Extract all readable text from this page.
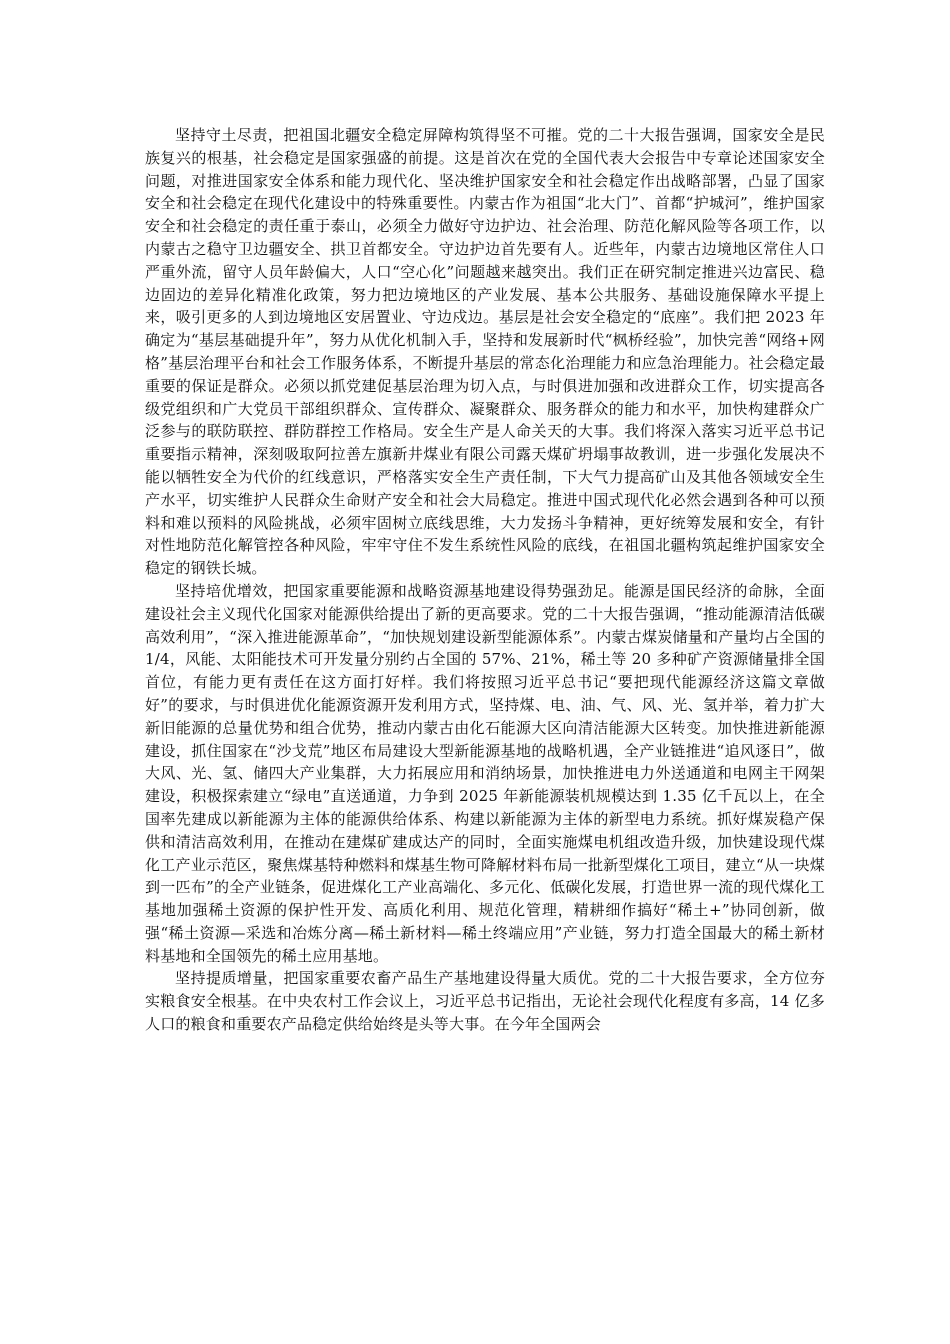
坚持守土尽责，把祖国北疆安全稳定屏障构筑得坚不可摧。党的二十大报告强调，国家安全是民族复兴的根基，社会稳定是国家强盛的前提。这是首次在党的全国代表大会报告中专章论述国家安全问题，对推进国家安全体系和能力现代化、坚决维护国家安全和社会稳定作出战略部署，凸显了国家安全和社会稳定在现代化建设中的特殊重要性。内蒙古作为祖国“北大门”、首都“护城河”，维护国家安全和社会稳定的责任重于泰山，必须全力做好守边护边、社会治理、防范化解风险等各项工作，以内蒙古之稳守卫边疆安全、拱卫首都安全。守边护边首先要有人。近些年，内蒙古边境地区常住人口严重外流，留守人员年龄偏大，人口“空心化”问题越来越突出。我们正在研究制定推进兴边富民、稳边固边的差异化精准化政策，努力把边境地区的产业发展、基本公共服务、基础设施保障水平提上来，吸引更多的人到边境地区安居置业、守边戍边。基层是社会安全稳定的“底座”。我们把 2023 年确定为“基层基础提升年”，努力从优化机制入手，坚持和发展新时代“枫桥经验”，加快完善“网络+网格”基层治理平台和社会工作服务体系，不断提升基层的常态化治理能力和应急治理能力。社会稳定最重要的保证是群众。必须以抓党建促基层治理为切入点，与时俱进加强和改进群众工作，切实提高各级党组织和广大党员干部组织群众、宣传群众、凝聚群众、服务群众的能力和水平，加快构建群众广泛参与的联防联控、群防群控工作格局。安全生产是人命关天的大事。我们将深入落实习近平总书记重要指示精神，深刻吸取阿拉善左旗新井煤业有限公司露天煤矿坍塌事故教训，进一步强化发展决不能以牺牲安全为代价的红线意识，严格落实安全生产责任制，下大气力提高矿山及其他各领域安全生产水平，切实维护人民群众生命财产安全和社会大局稳定。推进中国式现代化必然会遇到各种可以预料和难以预料的风险挑战，必须牢固树立底线思维，大力发扬斗争精神，更好统筹发展和安全，有针对性地防范化解管控各种风险，牢牢守住不发生系统性风险的底线，在祖国北疆构筑起维护国家安全稳定的钢铁长城。

坚持培优增效，把国家重要能源和战略资源基地建设得势强劲足。能源是国民经济的命脉，全面建设社会主义现代化国家对能源供给提出了新的更高要求。党的二十大报告强调，“推动能源清洁低碳高效利用”，“深入推进能源革命”，“加快规划建设新型能源体系”。内蒙古煤炭储量和产量均占全国的 1/4，风能、太阳能技术可开发量分别约占全国的 57%、21%，稀土等 20 多种矿产资源储量排全国首位，有能力更有责任在这方面打好样。我们将按照习近平总书记“要把现代能源经济这篇文章做好”的要求，与时俱进优化能源资源开发利用方式，坚持煤、电、油、气、风、光、氢并举，着力扩大新旧能源的总量优势和组合优势，推动内蒙古由化石能源大区向清洁能源大区转变。加快推进新能源建设，抓住国家在“沙戈荒”地区布局建设大型新能源基地的战略机遇，全产业链推进“追风逐日”，做大风、光、氢、储四大产业集群，大力拓展应用和消纳场景，加快推进电力外送通道和电网主干网架建设，积极探索建立“绿电”直送通道，力争到 2025 年新能源装机规模达到 1.35 亿千瓦以上，在全国率先建成以新能源为主体的能源供给体系、构建以新能源为主体的新型电力系统。抓好煤炭稳产保供和清洁高效利用，在推动在建煤矿建成达产的同时，全面实施煤电机组改造升级，加快建设现代煤化工产业示范区，聚焦煤基特种燃料和煤基生物可降解材料布局一批新型煤化工项目，建立“从一块煤到一匹布”的全产业链条，促进煤化工产业高端化、多元化、低碳化发展，打造世界一流的现代煤化工基地加强稀土资源的保护性开发、高质化利用、规范化管理，精耕细作搞好“稀土+”协同创新，做强“稀土资源—采选和冶炼分离—稀土新材料—稀土终端应用”产业链，努力打造全国最大的稀土新材料基地和全国领先的稀土应用基地。

坚持提质增量，把国家重要农畜产品生产基地建设得量大质优。党的二十大报告要求，全方位夯实粮食安全根基。在中央农村工作会议上，习近平总书记指出，无论社会现代化程度有多高，14 亿多人口的粮食和重要农产品稳定供给始终是头等大事。在今年全国两会
